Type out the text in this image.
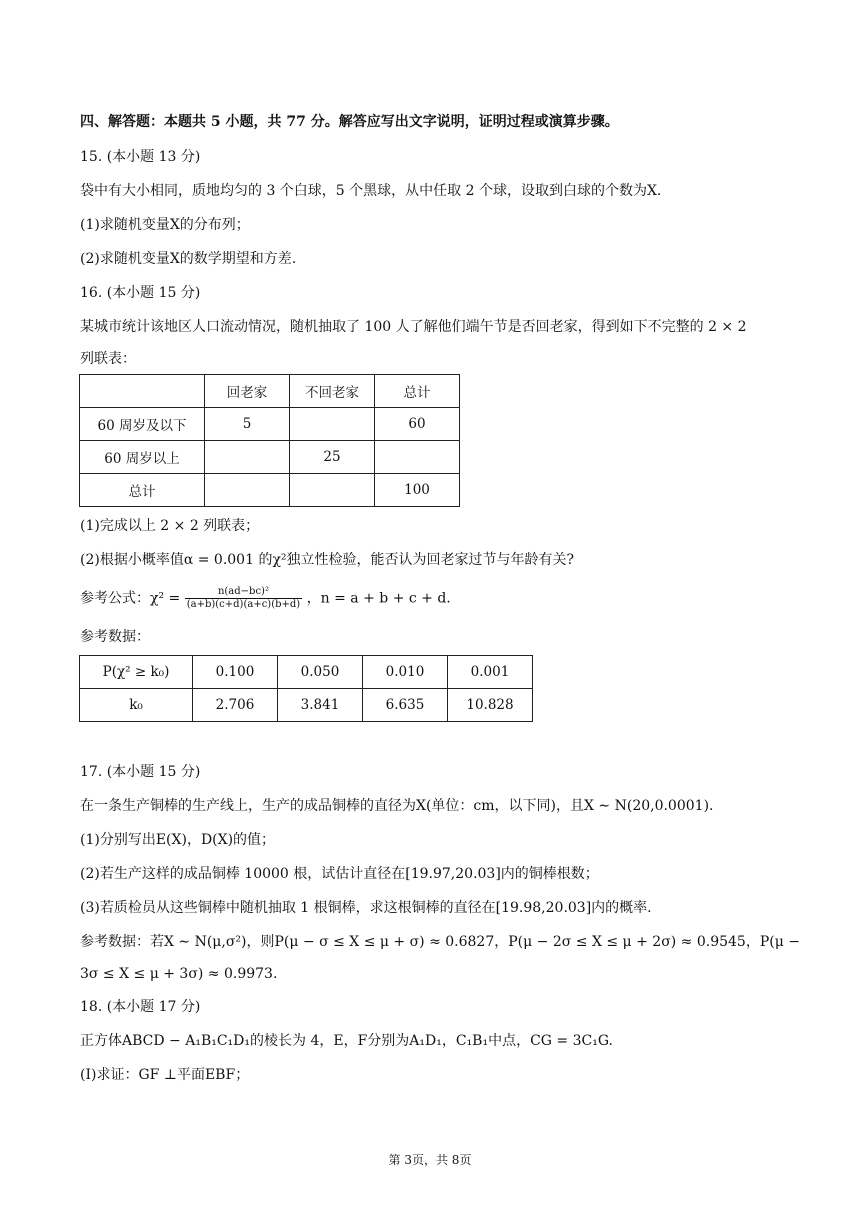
四、解答题：本题共 5 小题，共 77 分。解答应写出文字说明，证明过程或演算步骤。
15. (本小题 13 分)
袋中有大小相同，质地均匀的 3 个白球，5 个黑球，从中任取 2 个球，设取到白球的个数为X.
(1)求随机变量X的分布列；
(2)求随机变量X的数学期望和方差.
16. (本小题 15 分)
某城市统计该地区人口流动情况，随机抽取了 100 人了解他们端午节是否回老家，得到如下不完整的 2 × 2
列联表：
	回老家	不回老家	总计
60 周岁及以下	5		60
60 周岁以上		25	
总计			100
(1)完成以上 2 × 2 列联表；
(2)根据小概率值α = 0.001 的χ²独立性检验，能否认为回老家过节与年龄有关?
参考公式：$\chi^2 = \frac{\text{n(ad−bc)²}}{(a+b)(c+d)(a+c)(b+d)}$ ，n = a + b + c + d.
参考数据：
P(χ² ≥ k₀)	0.100	0.050	0.010	0.001
k₀	2.706	3.841	6.635	10.828
17. (本小题 15 分)
在一条生产铜棒的生产线上，生产的成品铜棒的直径为X(单位：cm，以下同)，且X ∼ N(20,0.0001).
(1)分别写出E(X)，D(X)的值；
(2)若生产这样的成品铜棒 10000 根，试估计直径在[19.97,20.03]内的铜棒根数；
(3)若质检员从这些铜棒中随机抽取 1 根铜棒，求这根铜棒的直径在[19.98,20.03]内的概率.
参考数据：若X ∼ N(μ,σ²)，则P(μ − σ ≤ X ≤ μ + σ) ≈ 0.6827，P(μ − 2σ ≤ X ≤ μ + 2σ) ≈ 0.9545，P(μ −
3σ ≤ X ≤ μ + 3σ) ≈ 0.9973.
18. (本小题 17 分)
正方体ABCD − A₁B₁C₁D₁的棱长为 4，E，F分别为A₁D₁，C₁B₁中点，CG = 3C₁G.
(I)求证：GF ⊥平面EBF；
第 3页，共 8页
